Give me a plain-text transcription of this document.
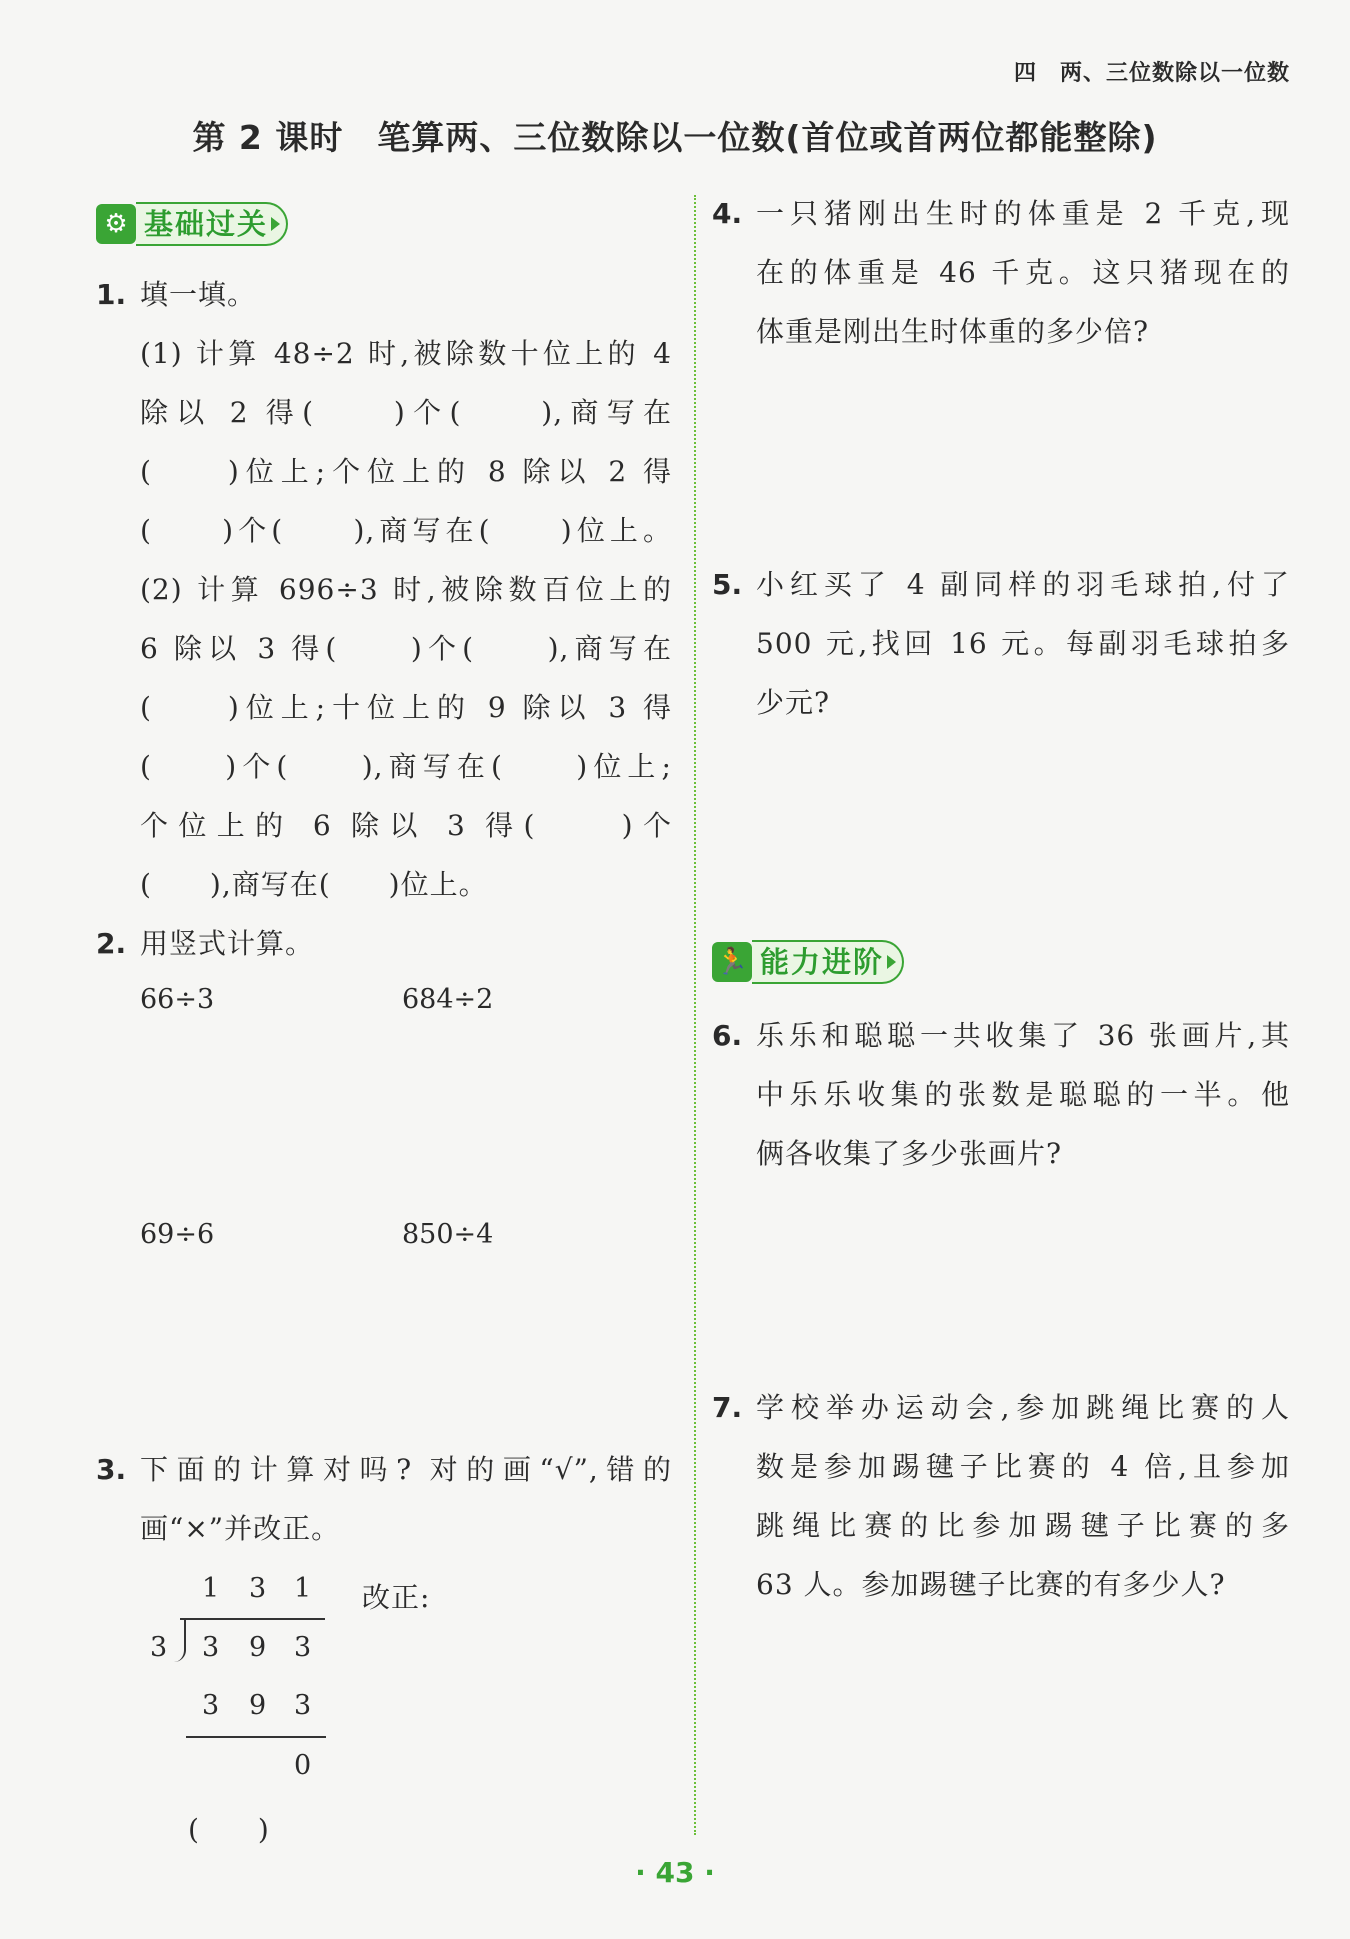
四　两、三位数除以一位数
第 2 课时　笔算两、三位数除以一位数(首位或首两位都能整除)
⚙ 基础过关
1. 填一填。
(1) 计算 48÷2 时,被除数十位上的 4
除以 2 得(　　)个(　　),商写在
(　　)位上;个位上的 8 除以 2 得
(　　)个(　　),商写在(　　)位上。
(2) 计算 696÷3 时,被除数百位上的
6 除以 3 得(　　)个(　　),商写在
(　　)位上;十位上的 9 除以 3 得
(　　)个(　　),商写在(　　)位上;
个位上的 6 除以 3 得(　　)个
(　　),商写在(　　)位上。
2. 用竖式计算。
66÷3	684÷2
69÷6	850÷4
3. 下面的计算对吗? 对的画“√”,错的
画“×”并改正。
1 3 1
3 3 9 3
3 9 3
0
改正:
(　　)
4. 一只猪刚出生时的体重是 2 千克,现
在的体重是 46 千克。这只猪现在的
体重是刚出生时体重的多少倍?
5. 小红买了 4 副同样的羽毛球拍,付了
500 元,找回 16 元。每副羽毛球拍多
少元?
🏃 能力进阶
6. 乐乐和聪聪一共收集了 36 张画片,其
中乐乐收集的张数是聪聪的一半。他
俩各收集了多少张画片?
7. 学校举办运动会,参加跳绳比赛的人
数是参加踢毽子比赛的 4 倍,且参加
跳绳比赛的比参加踢毽子比赛的多
63 人。参加踢毽子比赛的有多少人?
· 43 ·
